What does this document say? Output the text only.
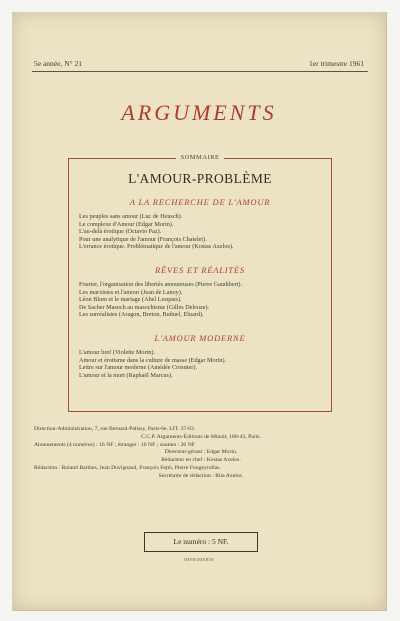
5e année, N° 21	1er trimestre 1961
ARGUMENTS
SOMMAIRE
L'AMOUR-PROBLÈME
A LA RECHERCHE DE L'AMOUR
Les peuples sans amour (Luc de Heusch).
Le complexe d'Amour (Edgar Morin).
L'au-delà érotique (Octavio Paz).
Pour une analytique de l'amour (François Chatelet).
L'errance érotique. Problématique de l'amour (Kostas Axelos).
RÊVES ET RÉALITÉS
Fourier, l'organisation des libertés amoureuses (Pierre Gaudibert).
Les marxistes et l'amour (Jean de Lanoy).
Léon Blum et le mariage (Abel Lesques).
De Sacher Masoch au masochisme (Gilles Deleuze).
Les surréalistes (Aragon, Breton, Buñuel, Eluard).
L'AMOUR MODERNE
L'amour bref (Violette Morin).
Amour et érotisme dans la culture de masse (Edgar Morin).
Lettre sur l'amour moderne (Amédée Crosnier).
L'amour et la mort (Raphaël Marcus).
Direction-Administration, 7, rue Bernard-Palissy, Paris-6e. LIT. 37-63.
C.C.P. Arguments-Éditions de Minuit, 180-43, Paris.
Abonnements (4 numéros) : 16 NF ; étranger : 16 NF ; soutien : 20 NF
Directeur-gérant : Edgar Morin.
Rédacteur en chef : Kostas Axelos.
Rédaction : Roland Barthes, Jean Duvignaud, François Fejtö, Pierre Fougeyrollas.
Secrétaire de rédaction : Rita Axelos.
Le numéro : 5 NF.
IMPRIMERIE
